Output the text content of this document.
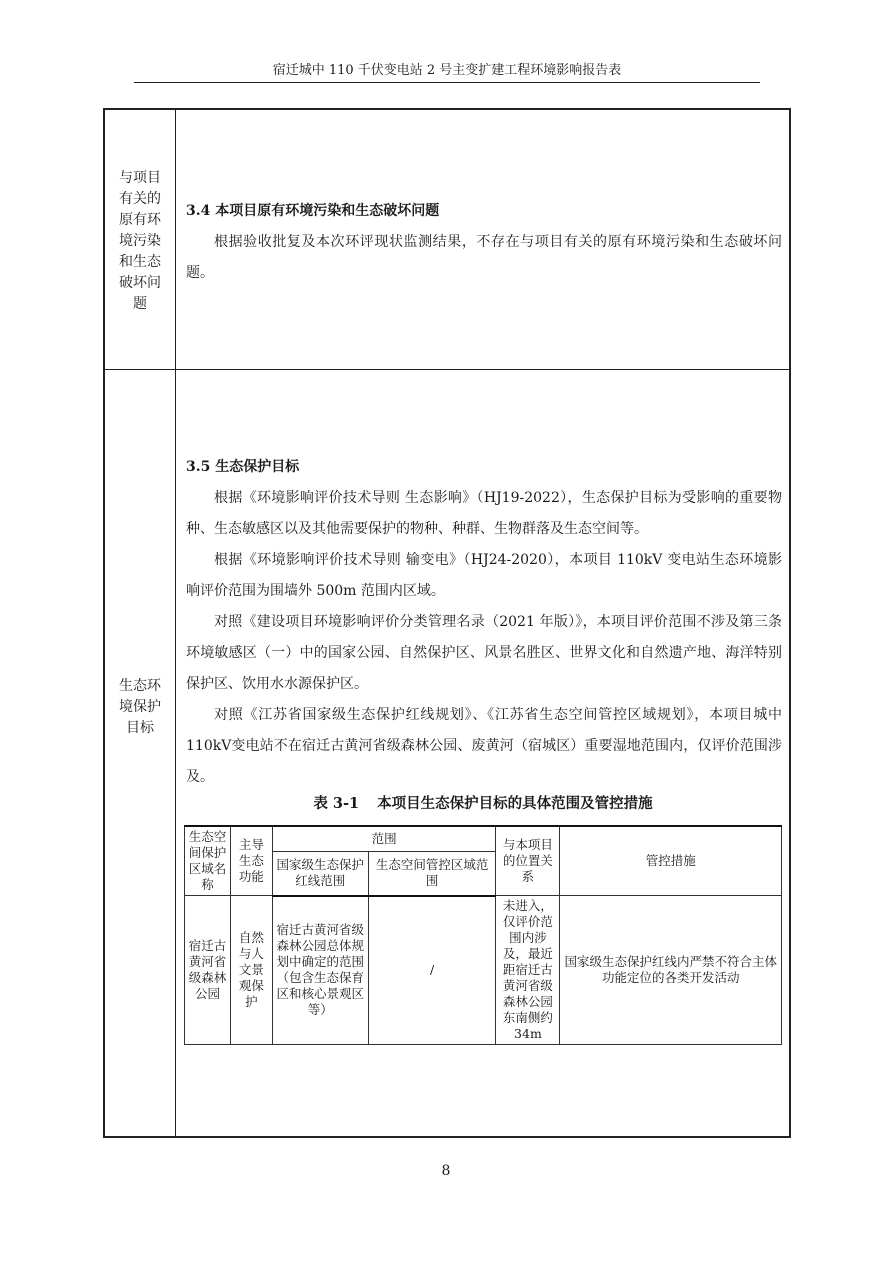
宿迁城中 110 千伏变电站 2 号主变扩建工程环境影响报告表
与项目
有关的
原有环
境污染
和生态
破坏问
题
3.4 本项目原有环境污染和生态破坏问题

根据验收批复及本次环评现状监测结果，不存在与项目有关的原有环境污染和生态破坏问题。

生态环
境保护
目标
3.5 生态保护目标

根据《环境影响评价技术导则 生态影响》（HJ19-2022），生态保护目标为受影响的重要物种、生态敏感区以及其他需要保护的物种、种群、生物群落及生态空间等。

根据《环境影响评价技术导则 输变电》（HJ24-2020），本项目 110kV 变电站生态环境影响评价范围为围墙外 500m 范围内区域。

对照《建设项目环境影响评价分类管理名录（2021 年版）》，本项目评价范围不涉及第三条环境敏感区（一）中的国家公园、自然保护区、风景名胜区、世界文化和自然遗产地、海洋特别保护区、饮用水水源保护区。

对照《江苏省国家级生态保护红线规划》、《江苏省生态空间管控区域规划》，本项目城中110kV变电站不在宿迁古黄河省级森林公园、废黄河（宿城区）重要湿地范围内，仅评价范围涉及。

表 3-1 本项目生态保护目标的具体范围及管控措施
生态空间保护区域名称	主导生态功能	范围		与本项目的位置关系	管控措施
		国家级生态保护红线范围	生态空间管控区域范围		
宿迁古黄河省级森林公园	自然与人文景观保护	宿迁古黄河省级森林公园总体规划中确定的范围（包含生态保育区和核心景观区等）	/	未进入，仅评价范围内涉及，最近距宿迁古黄河省级森林公园东南侧约 34m	国家级生态保护红线内严禁不符合主体功能定位的各类开发活动
8
